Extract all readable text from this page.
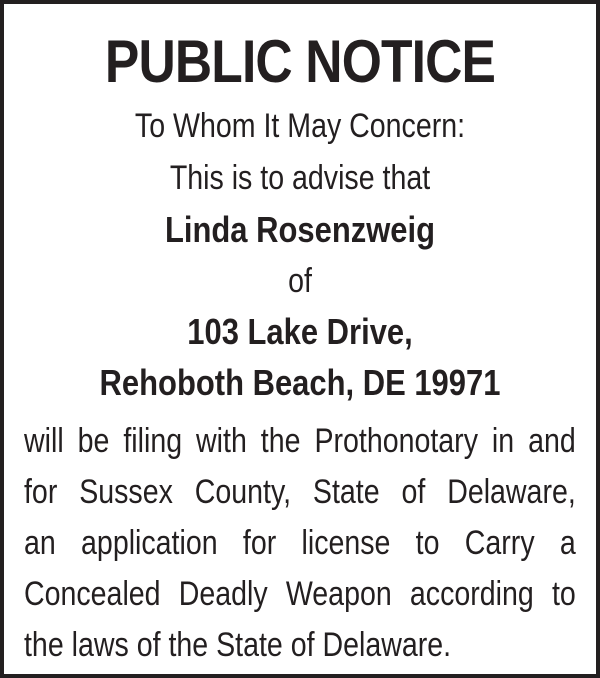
PUBLIC NOTICE

To Whom It May Concern:

This is to advise that

Linda Rosenzweig

of

103 Lake Drive,

Rehoboth Beach, DE 19971

will be filing with the Prothonotary in and
for Sussex County, State of Delaware,
an application for license to Carry a
Concealed Deadly Weapon according to
the laws of the State of Delaware.
